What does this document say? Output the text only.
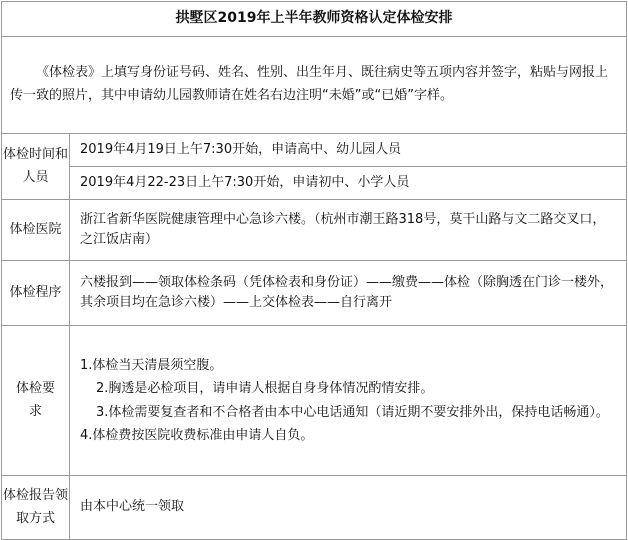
拱墅区2019年上半年教师资格认定体检安排	
《体检表》上填写身份证号码、姓名、性别、出生年月、既往病史等五项内容并签字，粘贴与网报上传一致的照片，其中申请幼儿园教师请在姓名右边注明“未婚”或“已婚”字样。	
体检时间和人员	2019年4月19日上午7:30开始，申请高中、幼儿园人员
	2019年4月22-23日上午7:30开始，申请初中、小学人员
体检医院	浙江省新华医院健康管理中心急诊六楼。（杭州市潮王路318号，莫干山路与文二路交叉口，之江饭店南）
体检程序	六楼报到——领取体检条码（凭体检表和身份证）——缴费——体检（除胸透在门诊一楼外，其余项目均在急诊六楼）——上交体检表——自行离开
体检要求	1.体检当天清晨须空腹。

2.胸透是必检项目，请申请人根据自身身体情况酌情安排。

3.体检需要复查者和不合格者由本中心电话通知（请近期不要安排外出，保持电话畅通）。

4.体检费按医院收费标准由申请人自负。

体检报告领取方式	由本中心统一领取
